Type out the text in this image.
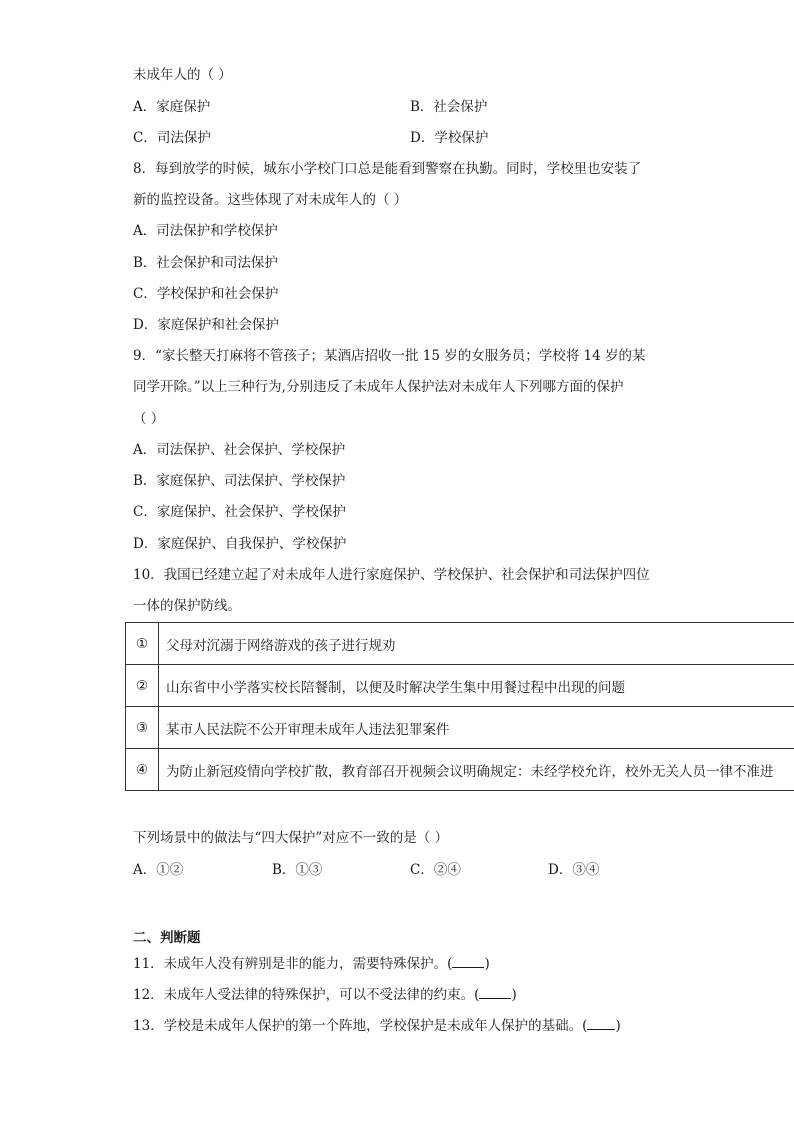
未成年人的（ ）
A．家庭保护	B．社会保护
C．司法保护	D．学校保护
8．每到放学的时候，城东小学校门口总是能看到警察在执勤。同时，学校里也安装了
新的监控设备。这些体现了对未成年人的（ ）
A．司法保护和学校保护
B．社会保护和司法保护
C．学校保护和社会保护
D．家庭保护和社会保护
9．“家长整天打麻将不管孩子；某酒店招收一批 15 岁的女服务员；学校将 14 岁的某
同学开除。”以上三种行为,分别违反了未成年人保护法对未成年人下列哪方面的保护
（ ）
A．司法保护、社会保护、学校保护
B．家庭保护、司法保护、学校保护
C．家庭保护、社会保护、学校保护
D．家庭保护、自我保护、学校保护
10．我国已经建立起了对未成年人进行家庭保护、学校保护、社会保护和司法保护四位
一体的保护防线。
①	父母对沉溺于网络游戏的孩子进行规劝
②	山东省中小学落实校长陪餐制，以便及时解决学生集中用餐过程中出现的问题
③	某市人民法院不公开审理未成年人违法犯罪案件
④	为防止新冠疫情向学校扩散，教育部召开视频会议明确规定：未经学校允许，校外无关人员一律不准进
下列场景中的做法与“四大保护”对应不一致的是（ ）
A．①②	B．①③	C．②④	D．③④
二、判断题
11．未成年人没有辨别是非的能力，需要特殊保护。( )
12．未成年人受法律的特殊保护，可以不受法律的约束。( )
13．学校是未成年人保护的第一个阵地，学校保护是未成年人保护的基础。( )
